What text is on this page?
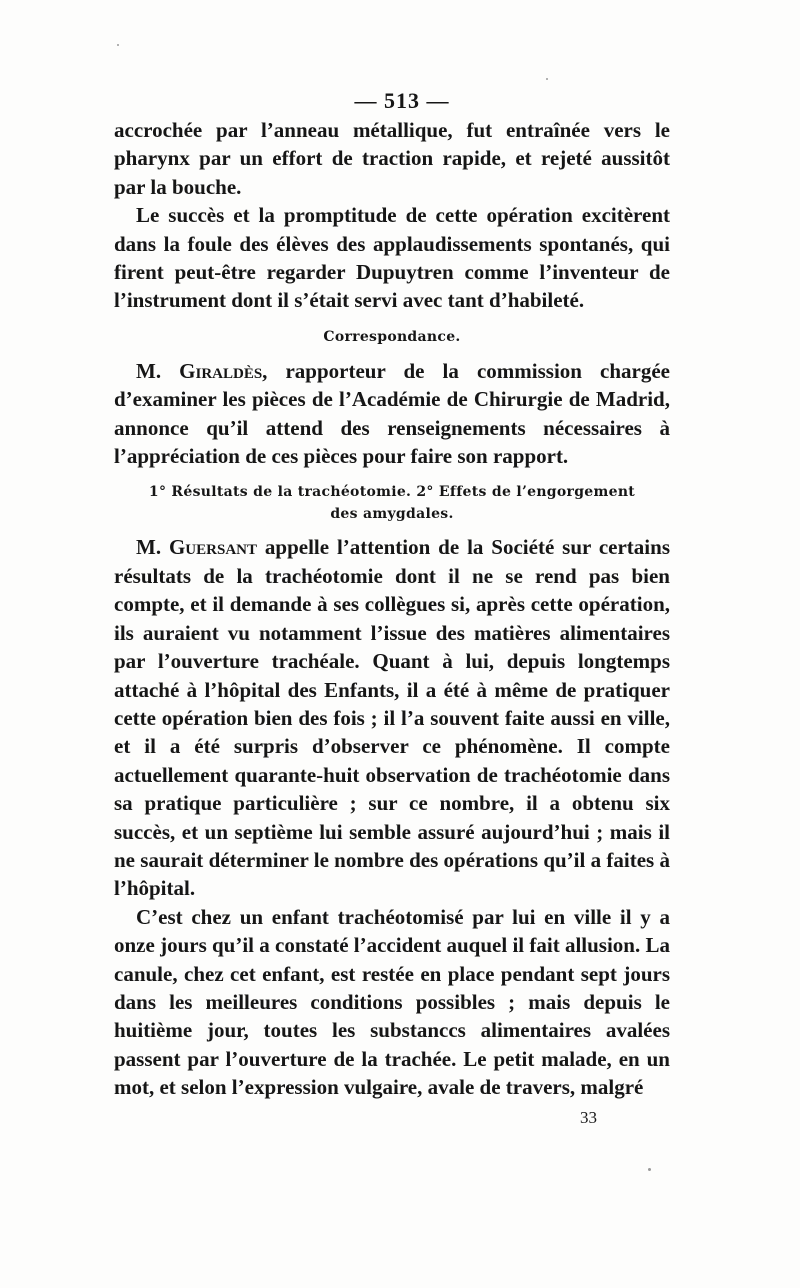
— 513 —

accrochée par l’anneau métallique, fut entraînée vers le pharynx par un effort de traction rapide, et rejeté aussitôt par la bouche.

Le succès et la promptitude de cette opération excitèrent dans la foule des élèves des applaudissements spontanés, qui firent peut-être regarder Dupuytren comme l’inventeur de l’instrument dont il s’était servi avec tant d’habileté.

Correspondance.

M. Giraldès, rapporteur de la commission chargée d’examiner les pièces de l’Académie de Chirurgie de Madrid, annonce qu’il attend des renseignements nécessaires à l’appréciation de ces pièces pour faire son rapport.

1° Résultats de la trachéotomie. 2° Effets de l’engorgement
des amygdales.

M. Guersant appelle l’attention de la Société sur certains résultats de la trachéotomie dont il ne se rend pas bien compte, et il demande à ses collègues si, après cette opération, ils auraient vu notamment l’issue des matières alimentaires par l’ouverture trachéale. Quant à lui, depuis longtemps attaché à l’hôpital des Enfants, il a été à même de pratiquer cette opération bien des fois ; il l’a souvent faite aussi en ville, et il a été surpris d’observer ce phénomène. Il compte actuellement quarante-huit observation de trachéotomie dans sa pratique particulière ; sur ce nombre, il a obtenu six succès, et un septième lui semble assuré aujourd’hui ; mais il ne saurait déterminer le nombre des opérations qu’il a faites à l’hôpital.

C’est chez un enfant trachéotomisé par lui en ville il y a onze jours qu’il a constaté l’accident auquel il fait allusion. La canule, chez cet enfant, est restée en place pendant sept jours dans les meilleures conditions possibles ; mais depuis le huitième jour, toutes les substanccs alimentaires avalées passent par l’ouverture de la trachée. Le petit malade, en un mot, et selon l’expression vulgaire, avale de travers, malgré

33
